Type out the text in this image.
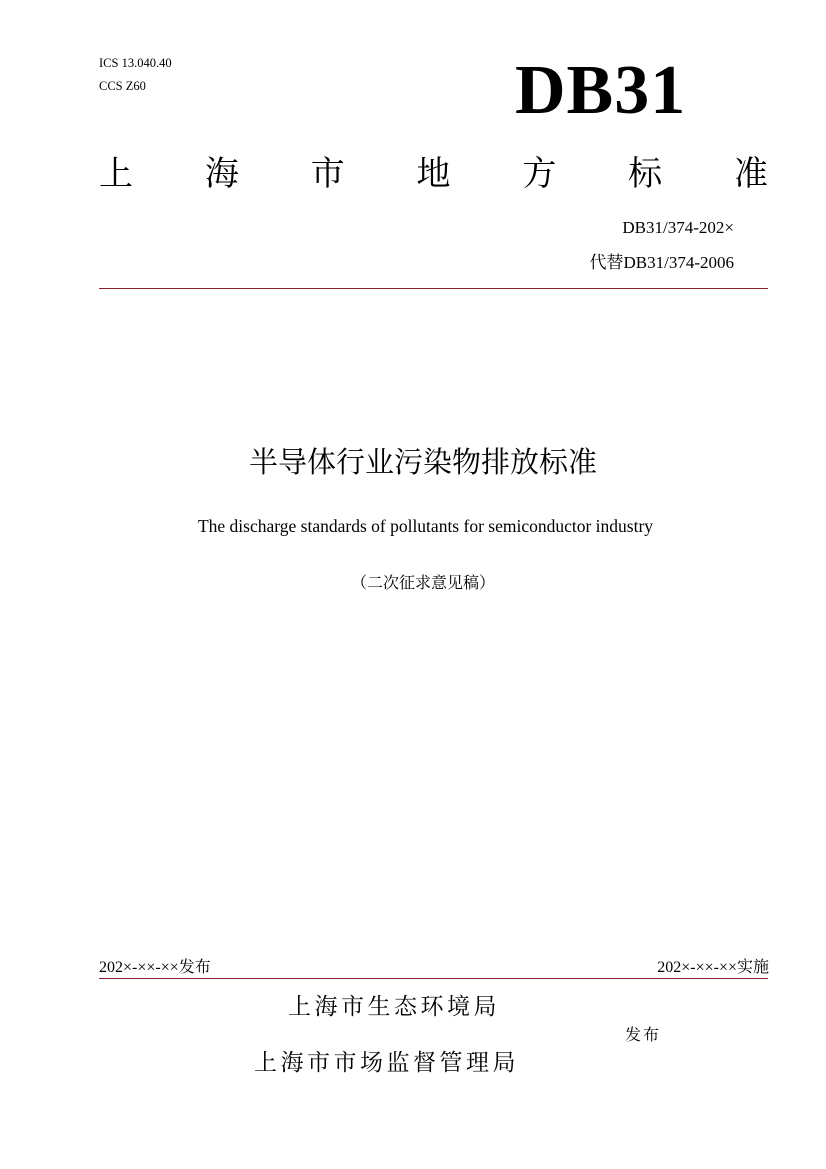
ICS 13.040.40
CCS Z60	DB31
上 海 市 地 方 标 准
DB31/374-202×
代替DB31/374-2006
半导体行业污染物排放标准
The discharge standards of pollutants for semiconductor industry
（二次征求意见稿）
202×-××-××发布	202×-××-××实施
上海市生态环境局
发布
上海市市场监督管理局
